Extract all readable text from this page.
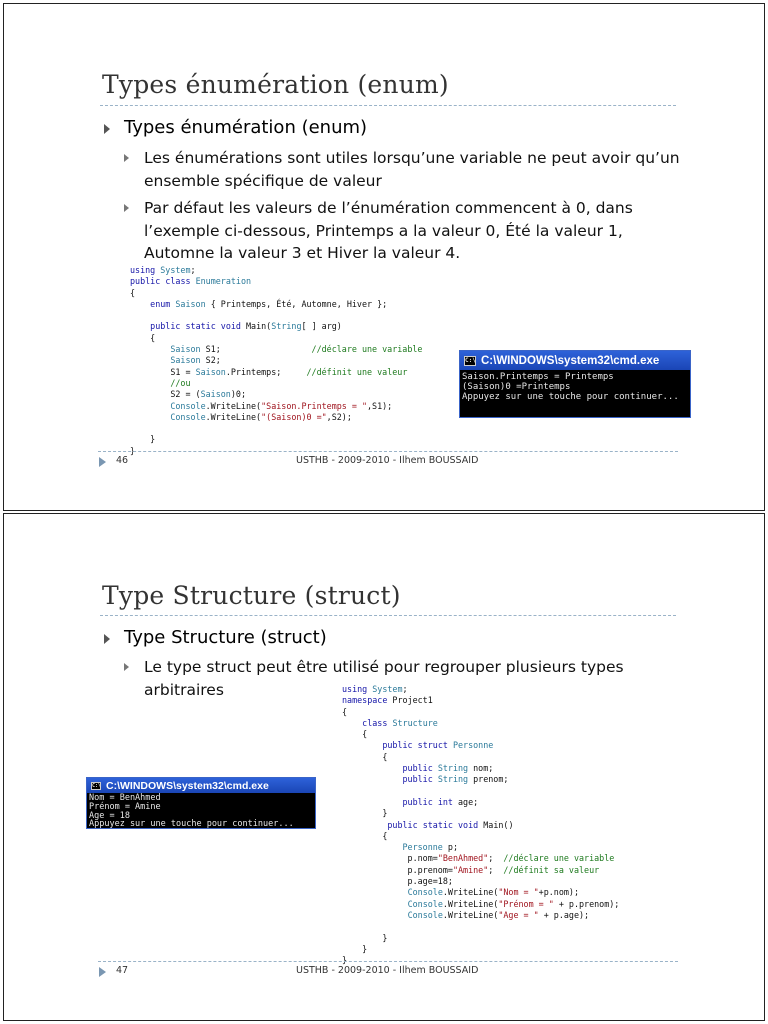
Types énumération (enum)
Types énumération (enum)
Les énumérations sont utiles lorsqu’une variable ne peut avoir qu’un ensemble spécifique de valeur
Par défaut les valeurs de l’énumération commencent à 0, dans l’exemple ci-dessous, Printemps a la valeur 0, Été la valeur 1, Automne la valeur 3 et Hiver la valeur 4.
using System;
public class Enumeration
{
enum Saison { Printemps, Été, Automne, Hiver };

public static void Main(String[ ] arg)
{
Saison S1;                  //déclare une variable
Saison S2;
S1 = Saison.Printemps;     //définit une valeur
//ou
S2 = (Saison)0;
Console.WriteLine("Saison.Printemps = ",S1);
Console.WriteLine("(Saison)0 =",S2);

}
}
C:\ C:\WINDOWS\system32\cmd.exe
Saison.Printemps = Printemps
(Saison)0 =Printemps
Appuyez sur une touche pour continuer...
46	USTHB - 2009-2010 - Ilhem BOUSSAID
Type Structure (struct)
Type Structure (struct)
Le type struct peut être utilisé pour regrouper plusieurs types arbitraires	using System;
namespace Project1
{
class Structure
{
public struct Personne
{
public String nom;
public String prenom;

public int age;
}
public static void Main()
{
Personne p;
p.nom="BenAhmed";  //déclare une variable
p.prenom="Amine";  //définit sa valeur
p.age=18;
Console.WriteLine("Nom = "+p.nom);
Console.WriteLine("Prénom = " + p.prenom);
Console.WriteLine("Age = " + p.age);

}
}
}
C:\ C:\WINDOWS\system32\cmd.exe
Nom = BenAhmed
Prénom = Amine
Age = 18
Appuyez sur une touche pour continuer...
47	USTHB - 2009-2010 - Ilhem BOUSSAID
